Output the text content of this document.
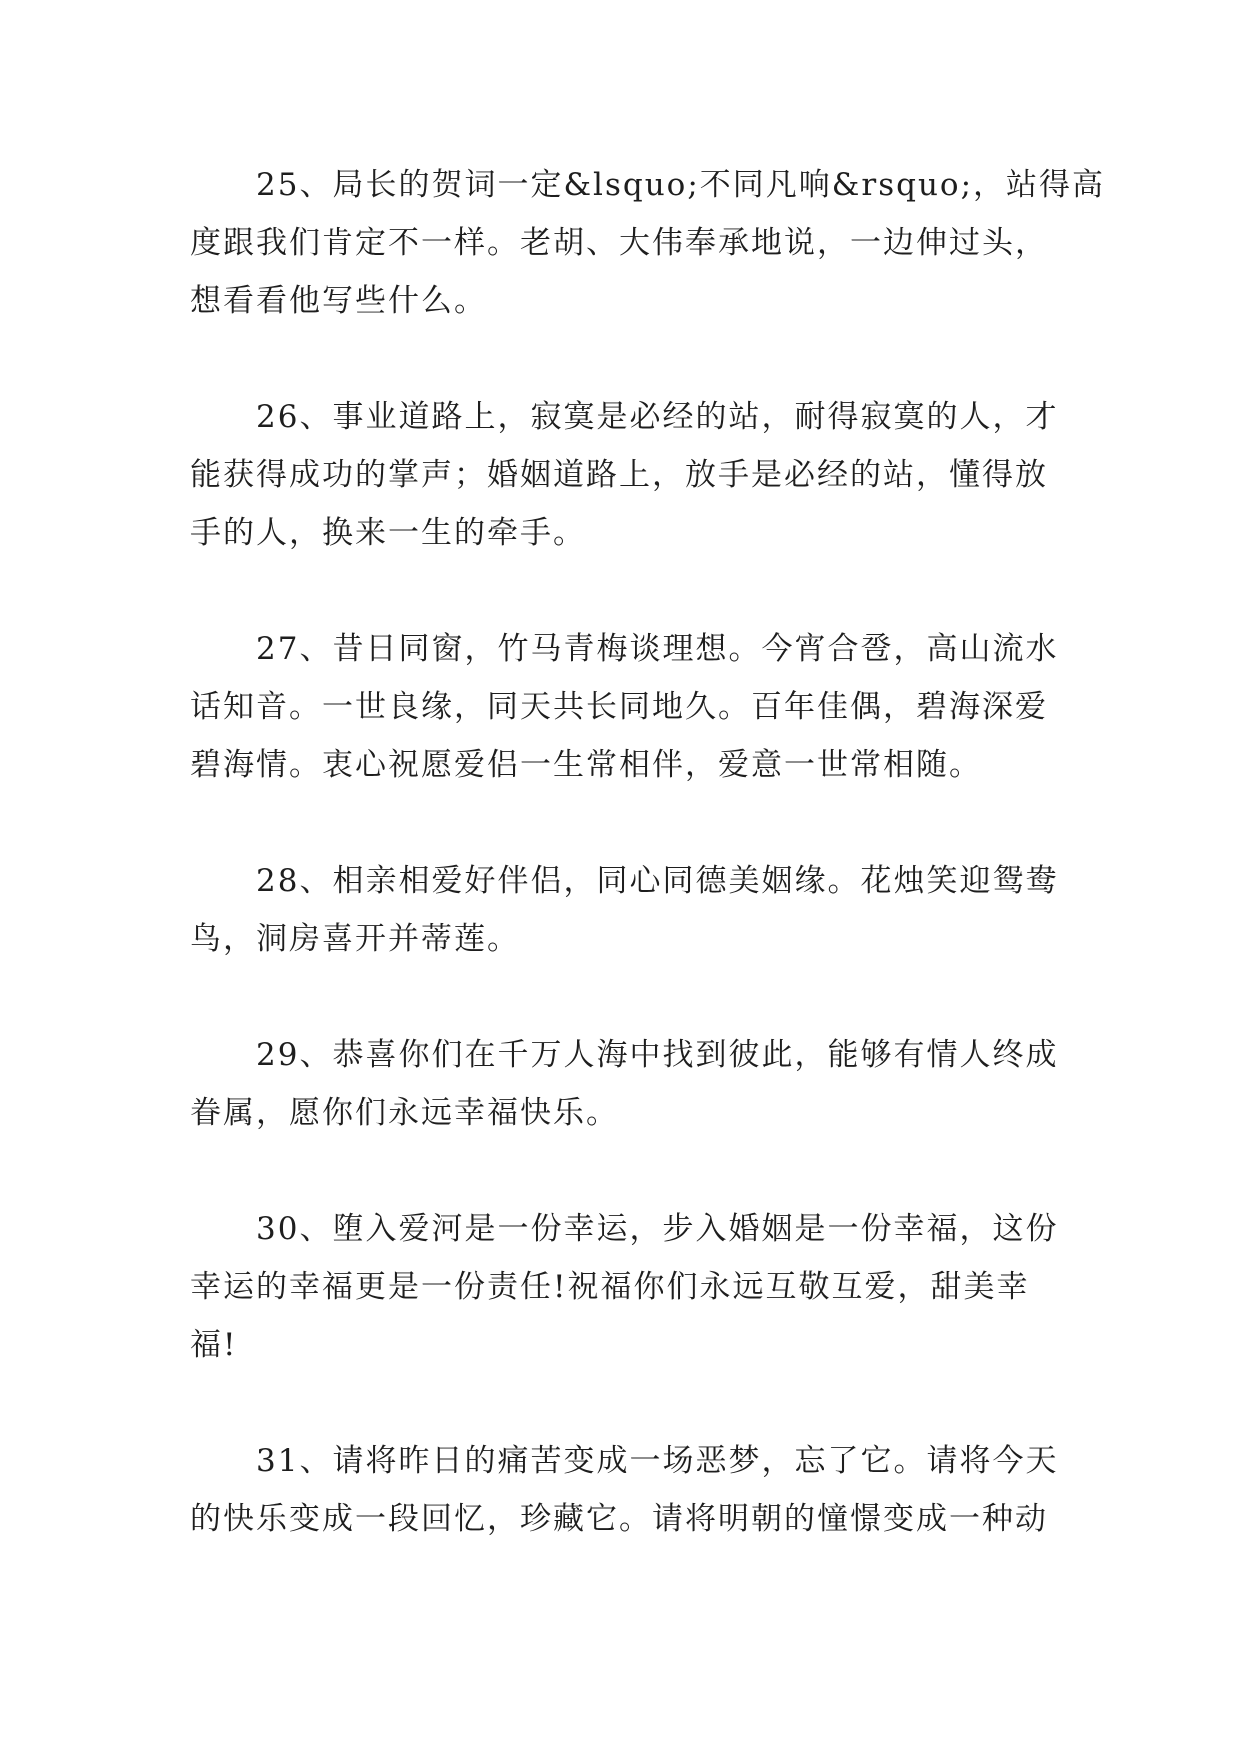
25、局长的贺词一定&lsquo;不同凡响&rsquo;，站得高
度跟我们肯定不一样。老胡、大伟奉承地说，一边伸过头，
想看看他写些什么。
26、事业道路上，寂寞是必经的站，耐得寂寞的人，才
能获得成功的掌声；婚姻道路上，放手是必经的站，懂得放
手的人，换来一生的牵手。
27、昔日同窗，竹马青梅谈理想。今宵合卺，高山流水
话知音。一世良缘，同天共长同地久。百年佳偶，碧海深爱
碧海情。衷心祝愿爱侣一生常相伴，爱意一世常相随。
28、相亲相爱好伴侣，同心同德美姻缘。花烛笑迎鸳鸯
鸟，洞房喜开并蒂莲。
29、恭喜你们在千万人海中找到彼此，能够有情人终成
眷属，愿你们永远幸福快乐。
30、堕入爱河是一份幸运，步入婚姻是一份幸福，这份
幸运的幸福更是一份责任!祝福你们永远互敬互爱，甜美幸
福!
31、请将昨日的痛苦变成一场恶梦，忘了它。请将今天
的快乐变成一段回忆，珍藏它。请将明朝的憧憬变成一种动
